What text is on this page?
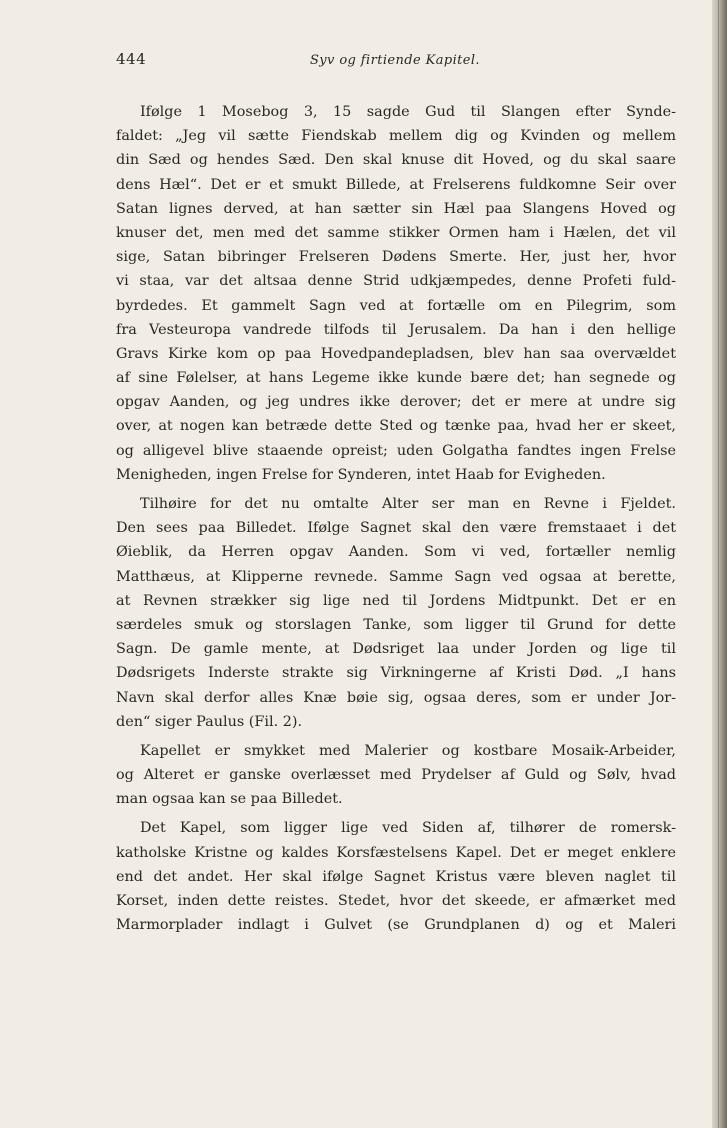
444	Syv og firtiende Kapitel.
Ifølge 1 Mosebog 3, 15 sagde Gud til Slangen efter Synde-
faldet: „Jeg vil sætte Fiendskab mellem dig og Kvinden og mellem
din Sæd og hendes Sæd. Den skal knuse dit Hoved, og du skal saare
dens Hæl“. Det er et smukt Billede, at Frelserens fuldkomne Seir over
Satan lignes derved, at han sætter sin Hæl paa Slangens Hoved og
knuser det, men med det samme stikker Ormen ham i Hælen, det vil
sige, Satan bibringer Frelseren Dødens Smerte. Her, just her, hvor
vi staa, var det altsaa denne Strid udkjæmpedes, denne Profeti fuld-
byrdedes. Et gammelt Sagn ved at fortælle om en Pilegrim, som
fra Vesteuropa vandrede tilfods til Jerusalem. Da han i den hellige
Gravs Kirke kom op paa Hovedpandepladsen, blev han saa overvældet
af sine Følelser, at hans Legeme ikke kunde bære det; han segnede og
opgav Aanden, og jeg undres ikke derover; det er mere at undre sig
over, at nogen kan betræde dette Sted og tænke paa, hvad her er skeet,
og alligevel blive staaende opreist; uden Golgatha fandtes ingen Frelse
Menigheden, ingen Frelse for Synderen, intet Haab for Evigheden.
Tilhøire for det nu omtalte Alter ser man en Revne i Fjeldet.
Den sees paa Billedet. Ifølge Sagnet skal den være fremstaaet i det
Øieblik, da Herren opgav Aanden. Som vi ved, fortæller nemlig
Matthæus, at Klipperne revnede. Samme Sagn ved ogsaa at berette,
at Revnen strækker sig lige ned til Jordens Midtpunkt. Det er en
særdeles smuk og storslagen Tanke, som ligger til Grund for dette
Sagn. De gamle mente, at Dødsriget laa under Jorden og lige til
Dødsrigets Inderste strakte sig Virkningerne af Kristi Død. „I hans
Navn skal derfor alles Knæ bøie sig, ogsaa deres, som er under Jor-
den“ siger Paulus (Fil. 2).
Kapellet er smykket med Malerier og kostbare Mosaik-Arbeider,
og Alteret er ganske overlæsset med Prydelser af Guld og Sølv, hvad
man ogsaa kan se paa Billedet.
Det Kapel, som ligger lige ved Siden af, tilhører de romersk-
katholske Kristne og kaldes Korsfæstelsens Kapel. Det er meget enklere
end det andet. Her skal ifølge Sagnet Kristus være bleven naglet til
Korset, inden dette reistes. Stedet, hvor det skeede, er afmærket med
Marmorplader indlagt i Gulvet (se Grundplanen d) og et Maleri
